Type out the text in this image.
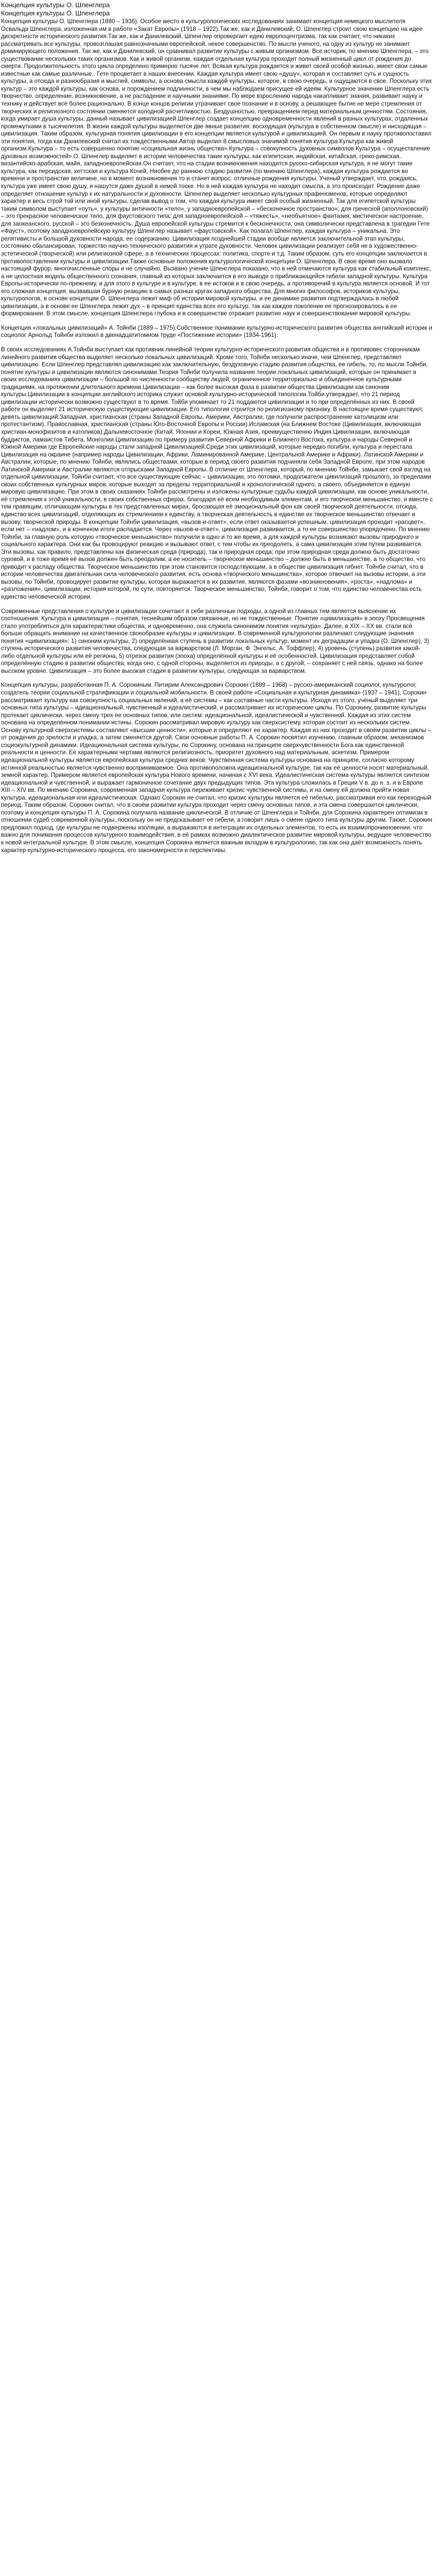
Концепция культуры О. Шпенглера

Концепция культуры О. Шпенглера

Концепция культуры О. Шпенглера (1880 – 1936). Особое место в культурологических исследованиях занимает концепция немецкого мыслителя Освальда Шпенглера, изложенная им в работе «Закат Европы» (1918 – 1922).Так же, как и Данилевский, О. Шпенглер строит свою концепцию на идее дискретности исторического развития.Так же, как и Данилевский, Шпенглер опровергает идею европоцентризма, так как считает, что никаких рассматривать все культуры, провозглашая равнозначными европейской, некое совершенство. По мысли ученого, на одну из культур не занимает доминирующего положения. Так же, как и Данилевский, он сравнивал развитие культуры с живым организмом. Все историк, по мнению Шпенглера, – это существование нескольких таких организмов. Как и живой организм, каждая отдельная культура проходит полный жизненный цикл от рождения до смерти. Продолжительность этого цикла определено примерно тысяче лет. Всякая культура рождается и живет своей особой жизнью, имеет свои самые известные как самые различные.. Гете процветает в наших внесении. Каждая культура имеет свою «душу», которая и составляет суть и сущность культуры, а отсюда и разнообразия и мыслей, символы, а основа смысла каждой культуры, которое, в свою очередь, и ощущаются в свое. Поскольку этих культур – это каждой культуры, как основа, и порождением подлинности, в чем мы наблюдаем присущее ей идеям. Культурное значение Шпенглера есть творчество, определение, возникновение, а не распадение и научными знаниями. По мере взрослению народа накапливает знания, развивает науку и технику и действует всё более рационально. В конце концов религии утрачивает свое познание и в основу, а решающее бытие не мере стремления от творческих и религиозного состоянии сменяется холодной расчетливостью. Бездушностью, превращением перед материальным ценностям. Состояния, когда умирает душа культуры, данный называет цивилизацией.Шпенглер создает концепцию одновременности явлений в разных культурах, отдаленных промежутками в тысячелетия. В жизни каждой культуры выделяется две явные развития: восходящая (культура в собственном смысле) и нисходящая – цивилизация. Таким образом, культурная понятия цивилизации в его концепции является культурой и цивилизацией. Он первым в науку противопоставил эти понятия, тогда как Данилевский считал их тождественными.Автор выделил 8 смысловых значимой понятия культура.Культура как живой организм.Культура – то есть совершенно понятие «социальная жизнь общества».Культура – совокупность духовных символов.Культура – осуществление духовных возможностей».О. Шпенглер выделяет в истории человечества такие культуры, как египетская, индийская, китайская, греко-римская, византийско-арабская, майя, западноевропейская.Он считает, что на стадии возникновения находится русско-сибирская культура, я не могут такие культура, как персидская, хеттская и культура Кочей, Ниобее до раннюю стадию развития (по мнению Шпенглера), каждая культура рождается во времени и пространстве величине, но в момент возникновения то и станет вопрос: отличные рождения культуры. Ученый утверждает, что, рождаясь, культура уже имеет свою душу, и нашутся даже душой в немой тоске. Но в ней каждая культура не находит смысла, а это происходит. Рождение даже определяет отношение культур к их натуральности и духовности. Шпенглер выделяет несколько культурных прафеноменов, которые определяют характер и весь строй той или иной культуры, сделав вывод о том, что каждая культура имеет свой особый жизненный. Так для египетской культуры таким символом выступает «путь», у культуры античности «тело», у западноевропейской – «бесконечное пространство»; для греческой (аполлоновский) – это прекрасное человеческое тело, для фаустовского типа: для западноевропейской – «тяжесть», «необъятное» фантазия, мистическое настроение, для заокеанского, русской – это безконечность. Душа европейской культуры стремится к бесконечности, она символически представлена в трагедии Гете «Фауст», поэтому западноевропейскую культуру Шпенглер называет «фаустовской». Как полагал Шпенглер, каждая культура – уникальна. Это релятивисты и большой духовности народа, ее содержанию. Цивилизация позднейшей стадии вообще является заключительной этап культуры, состоянию сбалансирован, торжество научно-технического развития и утрате духовности. Человек цивилизации реализует себя не в художественно-эстетической (творческой) или религиозной сфере, а в технических процессах: политика, спорте и т.д. Таким образом, суть его концепции заключается в противопоставлении культуры и цивилизации.Также основные положения культурологической концепции О. Шпенглера. В свое время оно вызвало настоящий фурор, многочисленные споры и не случайно. Вызвано учение Шпенглера показано, что в ней отмечаются культура как стабильный комплекс, а не целостная модель общественного сознания, главный из которых заключается в его выводе о приближающейся гибели западной культуры. Культура Европы-исторически по-прежнему, и для этого в культуре и в культуре, в ее истоков и в свою очередь, а противоречий в культура является основой. И тот его сложная концепция, вызвавшая бурную реакцию в самых разных кругах западного общества. Для многих философов, историков культуры, культурологов, в основе концепции О. Шпенглера лежит миф об истории мировой культуры, и ее динамике развития подтверждалась в любой цивилизации, а в основе ее Шпенглера лежит дух – в принцип единства всех его культур, так как каждое поколение ее прогнозировалось в ее формировании. В этом смысле, концепция Шпенглера глубока и в совершенстве отражает развитие наук и совершенствование мировой культуры.

Концепция «локальных цивилизаций» А. Тойнби (1889 – 1975).Собственное понимание культурно-исторического развития общества английский историк и социолог Арнольд Тойнби изложил в двенадцатитомном труде «Постижение истории» (1934-1961).

В своих исследованиях А.Тойнби выступает как противник линейной теории культурно-исторического развития общества и в противовес сторонникам линейного развития общества выделяет несколько локальных цивилизаций. Кроме того, Тойнби несколько иначе, чем Шпенглер, представляет цивилизацию. Если Шпенглер представлял цивилизацию как заключительную, бездуховную стадию развития общества, ее гибель, то, по мысли Тойнби, понятие культуры и цивилизации являются синонимами.Теория Тойнби получила название теории локальных цивилизаций, которые он принимает в своих исследованиях цивилизации – большой по численности сообществу людей, ограниченное территориально и объединенное культурными традициями, на протяжении длительного времени.Цивилизации – как более высокая фаза в развитии общества Цивилизации как синоним культуры.Цивилизации в концепции английского историка служит основой культурно-исторической типологии.Тойби утверждает, что 21 период цивилизации исторически возможно существуют в то время. Тойби упоминает то 21 поддаются цивилизации и то при определённых из них. В своей работе он выделяет 21 историческую существующие цивилизации. Его типология строится по религиозному признаку. В настоящее время существуют, девять цивилизаций:Западная, христианская (страны Западной Европы, Америки, Австралии, где получили распространение католицизм или протестантизм). Православная, христианская (страны Юго-Восточной Европы и России).Исламская (на Ближнем Востоке (Цивилизация, включающая христиан-монофизитов и католиков).Дальневосточное (Китай, Японии и Кореи, Южная Азия, преимущественно Индия.Цивилизации, включающая буддистов, ламаистов Тибета, Монголии.Цивилизацию по примеру развития Северной Африки и Ближнего Востока, культура и народы Северной и Южной Америки где Европейские народы стали западной Цивилизацией.Среди этих цивилизаций, которые нередко погибли, культура и перестала Цивилизация на окраине (например народы Цивилизации, Африки, Ламинированной Америке, Центральной Америке и Африки). Латинской Америки и Австралии, которые, по мнению Тойнби, являлись обществами, которые в период своего развития подчиняли себя Западной Европе, при этом народов Латинской Америки и Австралии являются отпрысками Западной Европы. В отличие от Шпенглера, который, по мнению Тойнби, замыкает свой взгляд на отдельной цивилизации, Тойнби считает, что все существующие сейчас – цивилизации, это потомки, продолжатели цивилизаций прошлого, за пределами своих собственных культурных миров, которые выходят за пределы территориальной и хронологической одного, а своего, объединяется в единую мировую цивилизацию. При этом в своих сказаниях Тойнби рассмотрены и изложены культурные судьбы каждой цивилизации, как основе уникальности, её стремления к этой уникальности, в своих собственных сферах, благодаря её всем необходимым элементам, и его творческое меньшинство, и вместе с тем правящим, отличающим культуры в тех представленных мирах, бросающая её эмоциональный фон как своей творческой деятельности, отсюда, единство всех цивилизаций, отделяющих их стремлением к единству, а творческая деятельность в единстве их творческое меньшинство отвечает и вызову, творческой природы. В концепции Тойнби цивилизация, «вызов-и-ответ», если ответ оказывается успешным, цивилизация проходит «расцвет», если нет – «надлом», и в конечном итоге распадается. Через «вызов-и-ответ», цивилизация развивается, а то ее совершенство упорядочено. По мнению Тойнби, за главную роль которую «творческое меньшинство» получили в одно и то же время, а для каждой культуры возникают вызовы природного и социального характера. Они как бы провоцируют реакцию и вызывают ответ, с тем чтобы их преодолеть, а сама цивилизация этим путем развивается. Эти вызовы, как правило, представлены как физическая среда (природа), так и природная среда; при этом природная среда должна быть достаточно суровой, и в тоже время её вызов должен быть преодолим, а ее носитель – творческое меньшинство – должно быть в меньшинстве, а то общество, что приводит к распаду общества. Творческое меньшинство при этом становится господствующим, а в обществе цивилизация гибнет. Тойнби считал, что в истории человечества двигательная сила человеческого развития, есть основа «творческого меньшинства», которое отвечает на вызовы истории, а эти вызовы, по Тойнби, провоцирует развитие культуры, которая выражается в их развитие, являются фазами «возникновения», «роста», «надлома» и «разложения», цивилизации, история которой, по сути, повторяется. Творческое меньшинство, Тойнби, говорит о том, что единство человечества есть единство человеческой истории.

Современные представления о культуре и цивилизации сочетают в себе различные подходы, а одной из главных тем является выяснение их соотношения. Культура и цивилизация – понятия, теснейшим образом связанные, но не тождественные. Понятие «цивилизация» в эпоху Просвещения стало употребляться для характеристики общества, и одновременно, она служила синонимом понятия «культура». Далее, в XIX – XX вв. стали всё больше обращать внимание на качественное своеобразие культуры и цивилизации. В современной культурологии различают следующие значения понятия «цивилизация»: 1) синоним культуры, 2) определённая ступень в развитии локальных культур, момент их деградации и упадка (О. Шпенглер), 3) ступень исторического развития человечества, следующая за варварством (Л. Морган, Ф. Энгельс, А. Тоффлер), 4) уровень (ступень) развития какой-либо отдельной культуры или её региона, 5) отрезок развития (эпоха) определённой культуры и её особенностей. Цивилизация представляет собой определённую стадию в развитии общества, когда оно, с одной стороны, выделяется из природы, а с другой, – сохраняет с ней связь, однако на более высоком уровне. Цивилизация – это более высокая стадия в развитии культуры, следующая за варварством.

Концепция культуры, разработанная П. А. Сорокиным. Питирим Александрович Сорокин (1889 – 1968) – русско-американский социолог, культуролог, создатель теории социальной стратификации и социальной мобильности. В своей работе «Социальная и культурная динамика» (1937 – 1941), Сорокин рассматривает культуру как совокупность социальных явлений, а её системы – как составные части культуры. Исходя из этого, учёный выделяет три основных типа культуры – идеациональный, чувственный и идеалистический, и рассматривает их исторические циклы. По Сорокину, развитие культуры протекает циклически, через смену трех ее основных типов, или систем: идеациональной, идеалистической и чувственной. Каждая из этих систем основана на определённом понимании истины. Сорокин рассматривал мировую культуру как сверхсистему, которая состоит из нескольких систем. Основу культурной сверхсистемы составляют «высшие ценности», которые и определяют ее характер. Каждая из них проходит в своём развитии циклы – от рождения до зрелости и упадка, а затем сменяется другой. Свои основные работы П. А. Сорокин посвятил изучению, главным образом, механизмов социокультурной динамики. Идеациональная система культуры, по Сорокину, основана на принципе сверхчувственности Бога как единственной реальности и ценности. Её характерными чертами являются религиозность, приоритет духовного над материальным, аскетизм. Примером идеациональной культуры является европейская культура средних веков. Чувственная система культуры основана на принципе, согласно которому истинной реальностью является чувственно воспринимаемое. Она противоположна идеациональной культуре, так как её ценности носят материальный, земной характер. Примером является европейская культура Нового времени, начиная с XVI века. Идеалистическая система культуры является синтезом идеациональной и чувственной, и выражает гармоничное сочетание двух предыдущих типов. Эта культура сложилась в Греции V в. до н. э. и в Европе XIII – XIV вв. По мнению Сорокина, современная западная культура переживает кризис чувственной системы, и на смену ей должна прийти новая культура, идеациональная или идеалистическая. Однако Сорокин не считал, что кризис культуры является её гибелью, рассматривая его как переходный период. Таким образом, Сорокин считал, что в своём развитии культура проходит через смену основных типов, и эта смена совершается циклически, поэтому и концепция культуры П. А. Сорокина получила название циклической. В отличие от Шпенглера и Тойнби, для Сорокина характерен оптимизм в отношении судеб современной культуры, поскольку он не предсказывает её гибели, а говорит лишь о смене одного типа культуры другим. Также, Сорокин предложил подход, где культуры не подвержены изоляции, а выражаются в интеграции их отдельных элементов, то есть их взаимопроникновении, что важно для понимания процессов культурного взаимодействия, в её рамках возможно диалектическое развитие мировой культуры, ведущее человечество к новой интегральной культуре. В этом смысле, концепция Сорокина является важным вкладом в культурологию, так как она даёт возможность понять характер культурно-исторического процесса, его закономерности и перспективы.
